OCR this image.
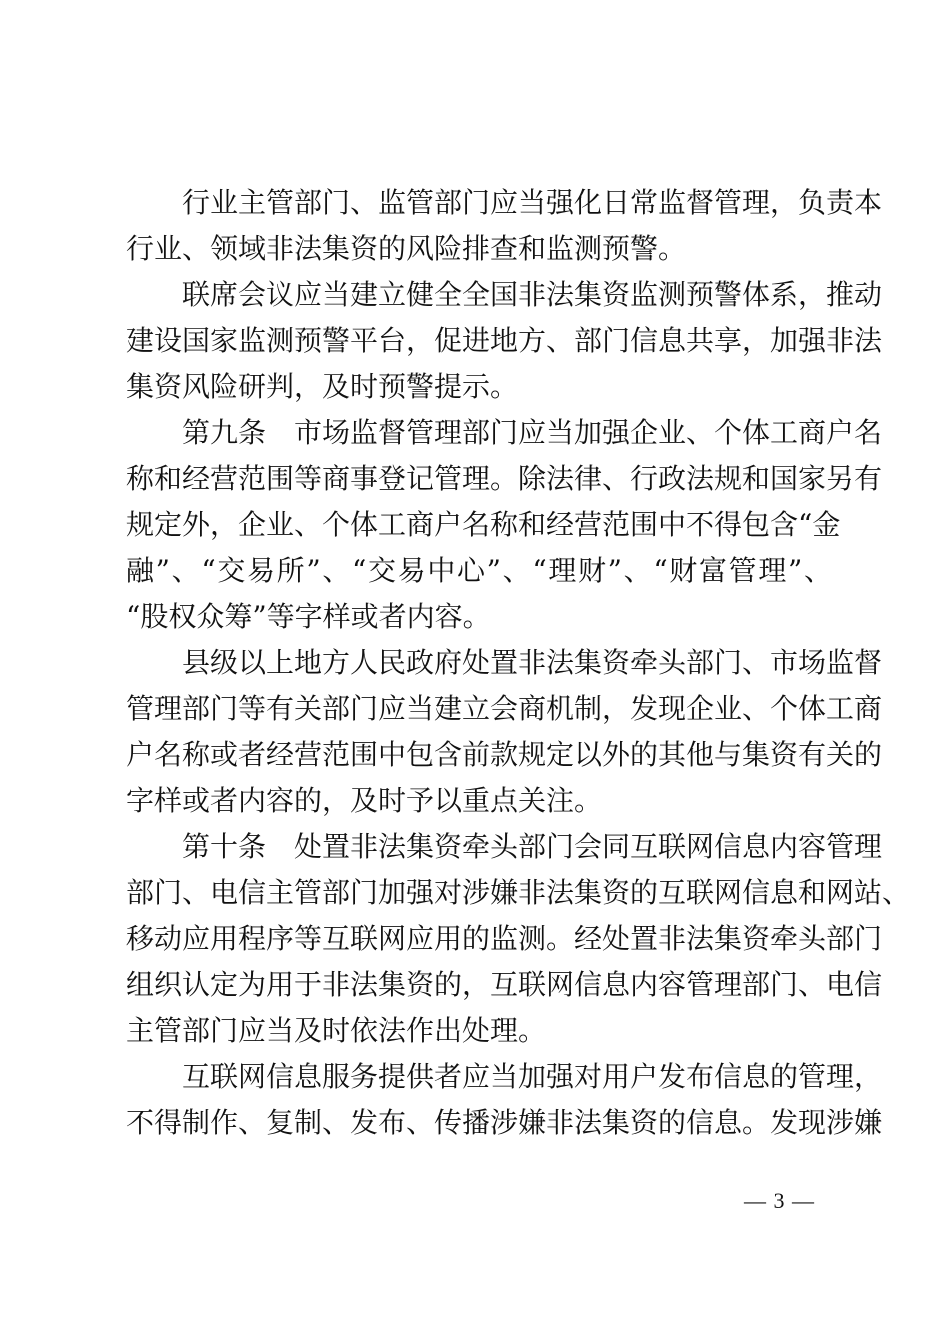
行业主管部门、监管部门应当强化日常监督管理，负责本
行业、领域非法集资的风险排查和监测预警。
联席会议应当建立健全全国非法集资监测预警体系，推动
建设国家监测预警平台，促进地方、部门信息共享，加强非法
集资风险研判，及时预警提示。
第九条　市场监督管理部门应当加强企业、个体工商户名
称和经营范围等商事登记管理。除法律、行政法规和国家另有
规定外，企业、个体工商户名称和经营范围中不得包含“金
融”、“交易所”、“交易中心”、“理财”、“财富管理”、
“股权众筹”等字样或者内容。
县级以上地方人民政府处置非法集资牵头部门、市场监督
管理部门等有关部门应当建立会商机制，发现企业、个体工商
户名称或者经营范围中包含前款规定以外的其他与集资有关的
字样或者内容的，及时予以重点关注。
第十条　处置非法集资牵头部门会同互联网信息内容管理
部门、电信主管部门加强对涉嫌非法集资的互联网信息和网站、
移动应用程序等互联网应用的监测。经处置非法集资牵头部门
组织认定为用于非法集资的，互联网信息内容管理部门、电信
主管部门应当及时依法作出处理。
互联网信息服务提供者应当加强对用户发布信息的管理，
不得制作、复制、发布、传播涉嫌非法集资的信息。发现涉嫌
— 3 —
